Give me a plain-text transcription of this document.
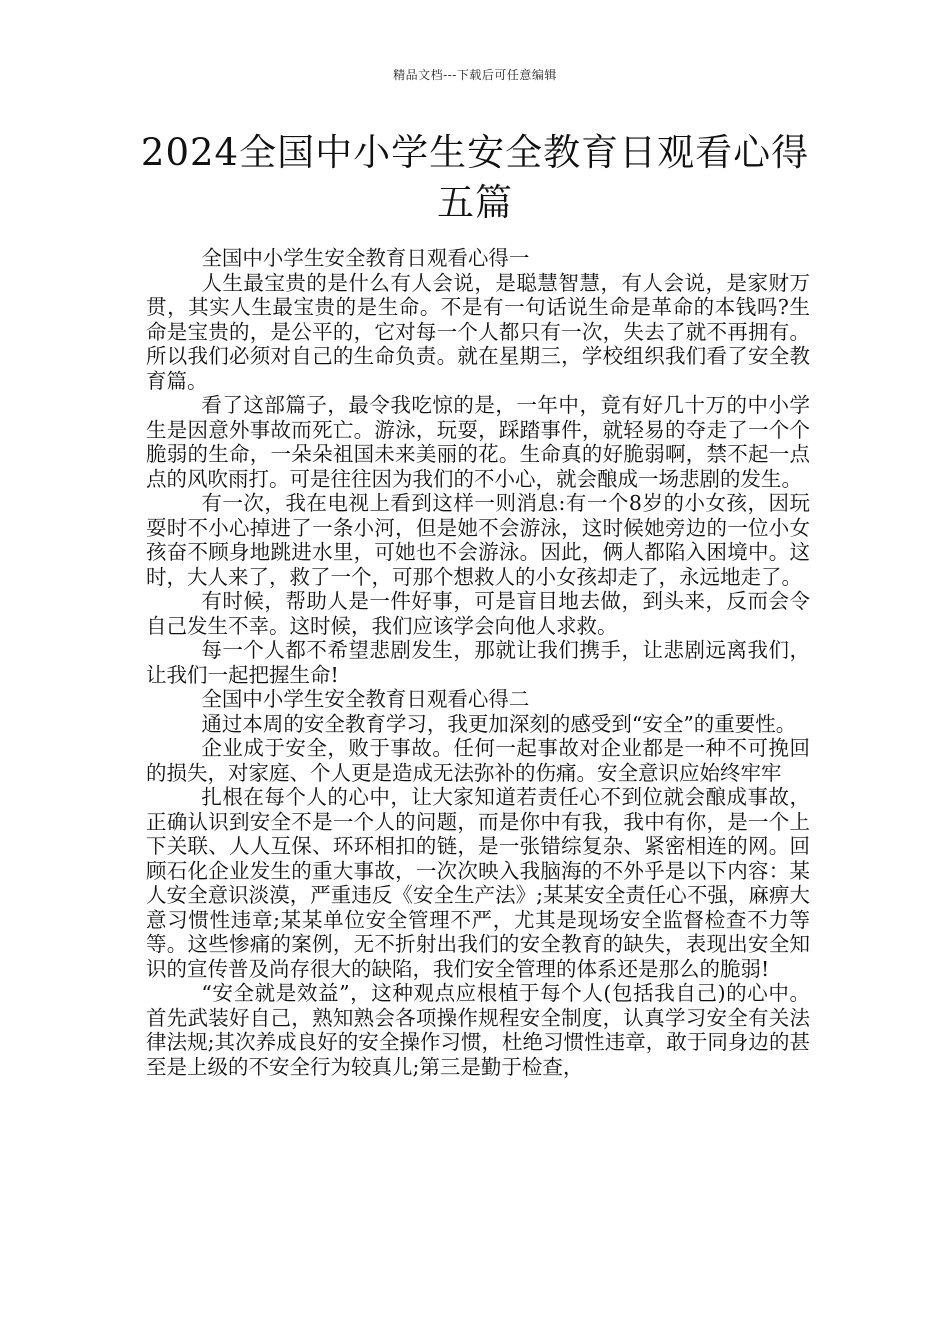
精品文档---下载后可任意编辑
2024全国中小学生安全教育日观看心得五篇

全国中小学生安全教育日观看心得一

人生最宝贵的是什么有人会说，是聪慧智慧，有人会说，是家财万贯，其实人生最宝贵的是生命。不是有一句话说生命是革命的本钱吗?生命是宝贵的，是公平的，它对每一个人都只有一次，失去了就不再拥有。所以我们必须对自己的生命负责。就在星期三，学校组织我们看了安全教育篇。

看了这部篇子，最令我吃惊的是，一年中，竟有好几十万的中小学生是因意外事故而死亡。游泳，玩耍，踩踏事件，就轻易的夺走了一个个脆弱的生命，一朵朵祖国未来美丽的花。生命真的好脆弱啊，禁不起一点点的风吹雨打。可是往往因为我们的不小心，就会酿成一场悲剧的发生。

有一次，我在电视上看到这样一则消息:有一个8岁的小女孩，因玩耍时不小心掉进了一条小河，但是她不会游泳，这时候她旁边的一位小女孩奋不顾身地跳进水里，可她也不会游泳。因此，俩人都陷入困境中。这时，大人来了，救了一个，可那个想救人的小女孩却走了，永远地走了。

有时候，帮助人是一件好事，可是盲目地去做，到头来，反而会令自己发生不幸。这时候，我们应该学会向他人求救。

每一个人都不希望悲剧发生，那就让我们携手，让悲剧远离我们，让我们一起把握生命!

全国中小学生安全教育日观看心得二

通过本周的安全教育学习，我更加深刻的感受到“安全”的重要性。

企业成于安全，败于事故。任何一起事故对企业都是一种不可挽回的损失，对家庭、个人更是造成无法弥补的伤痛。安全意识应始终牢牢

扎根在每个人的心中，让大家知道若责任心不到位就会酿成事故，正确认识到安全不是一个人的问题，而是你中有我，我中有你，是一个上下关联、人人互保、环环相扣的链，是一张错综复杂、紧密相连的网。回顾石化企业发生的重大事故，一次次映入我脑海的不外乎是以下内容：某人安全意识淡漠，严重违反《安全生产法》;某某安全责任心不强，麻痹大意习惯性违章;某某单位安全管理不严，尤其是现场安全监督检查不力等等。这些惨痛的案例，无不折射出我们的安全教育的缺失，表现出安全知识的宣传普及尚存很大的缺陷，我们安全管理的体系还是那么的脆弱!

“安全就是效益”，这种观点应根植于每个人(包括我自己)的心中。首先武装好自己，熟知熟会各项操作规程安全制度，认真学习安全有关法律法规;其次养成良好的安全操作习惯，杜绝习惯性违章，敢于同身边的甚至是上级的不安全行为较真儿;第三是勤于检查，
